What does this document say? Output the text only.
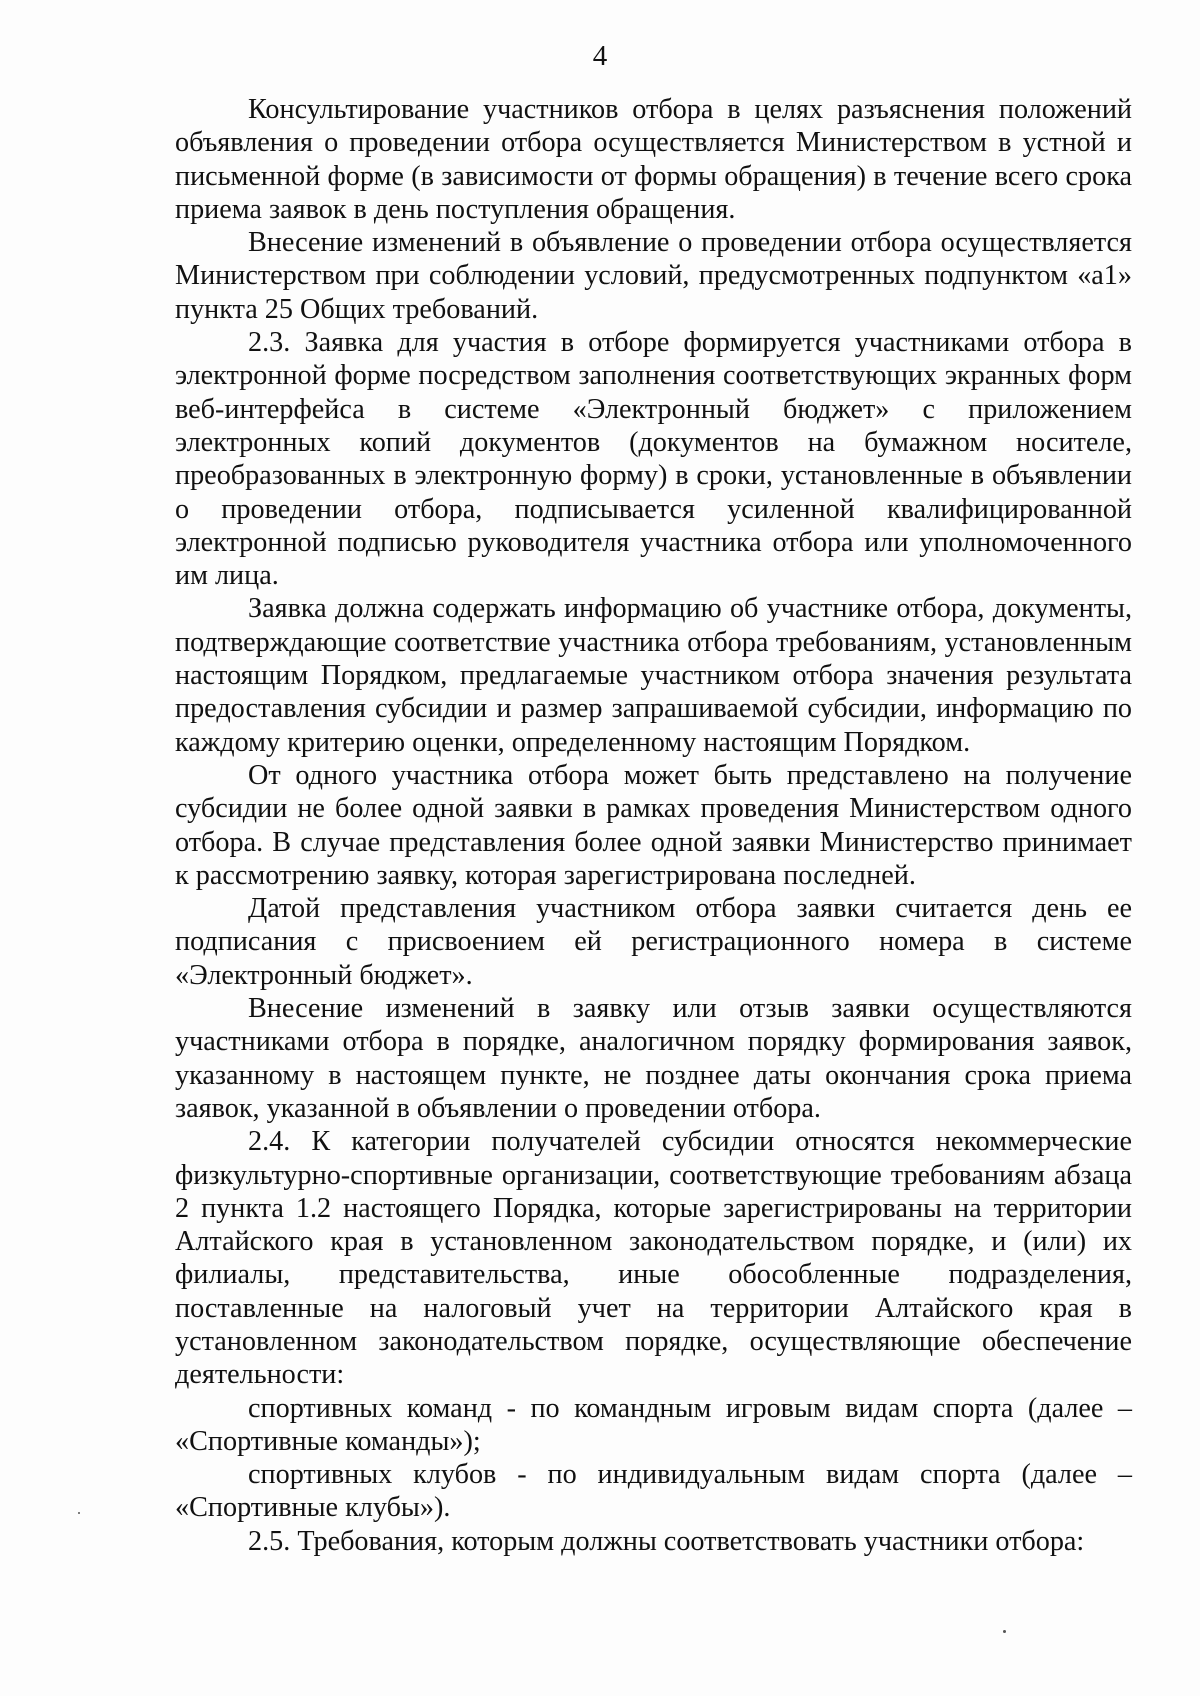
4

Консультирование участников отбора в целях разъяснения положений объявления о проведении отбора осуществляется Министерством в устной и письменной форме (в зависимости от формы обращения) в течение всего срока приема заявок в день поступления обращения.

Внесение изменений в объявление о проведении отбора осуществляется Министерством при соблюдении условий, предусмотренных подпунктом «а1» пункта 25 Общих требований.

2.3. Заявка для участия в отборе формируется участниками отбора в электронной форме посредством заполнения соответствующих экранных форм веб-интерфейса в системе «Электронный бюджет» с приложением электронных копий документов (документов на бумажном носителе, преобразованных в электронную форму) в сроки, установленные в объявлении о проведении отбора, подписывается усиленной квалифицированной электронной подписью руководителя участника отбора или уполномоченного им лица.

Заявка должна содержать информацию об участнике отбора, документы, подтверждающие соответствие участника отбора требованиям, установленным настоящим Порядком, предлагаемые участником отбора значения результата предоставления субсидии и размер запрашиваемой субсидии, информацию по каждому критерию оценки, определенному настоящим Порядком.

От одного участника отбора может быть представлено на получение субсидии не более одной заявки в рамках проведения Министерством одного отбора. В случае представления более одной заявки Министерство принимает к рассмотрению заявку, которая зарегистрирована последней.

Датой представления участником отбора заявки считается день ее подписания с присвоением ей регистрационного номера в системе «Электронный бюджет».

Внесение изменений в заявку или отзыв заявки осуществляются участниками отбора в порядке, аналогичном порядку формирования заявок, указанному в настоящем пункте, не позднее даты окончания срока приема заявок, указанной в объявлении о проведении отбора.

2.4. К категории получателей субсидии относятся некоммерческие физкультурно-спортивные организации, соответствующие требованиям абзаца 2 пункта 1.2 настоящего Порядка, которые зарегистрированы на территории Алтайского края в установленном законодательством порядке, и (или) их филиалы, представительства, иные обособленные подразделения, поставленные на налоговый учет на территории Алтайского края в установленном законодательством порядке, осуществляющие обеспечение деятельности:

спортивных команд - по командным игровым видам спорта (далее – «Спортивные команды»);

спортивных клубов - по индивидуальным видам спорта (далее – «Спортивные клубы»).

2.5. Требования, которым должны соответствовать участники отбора:
